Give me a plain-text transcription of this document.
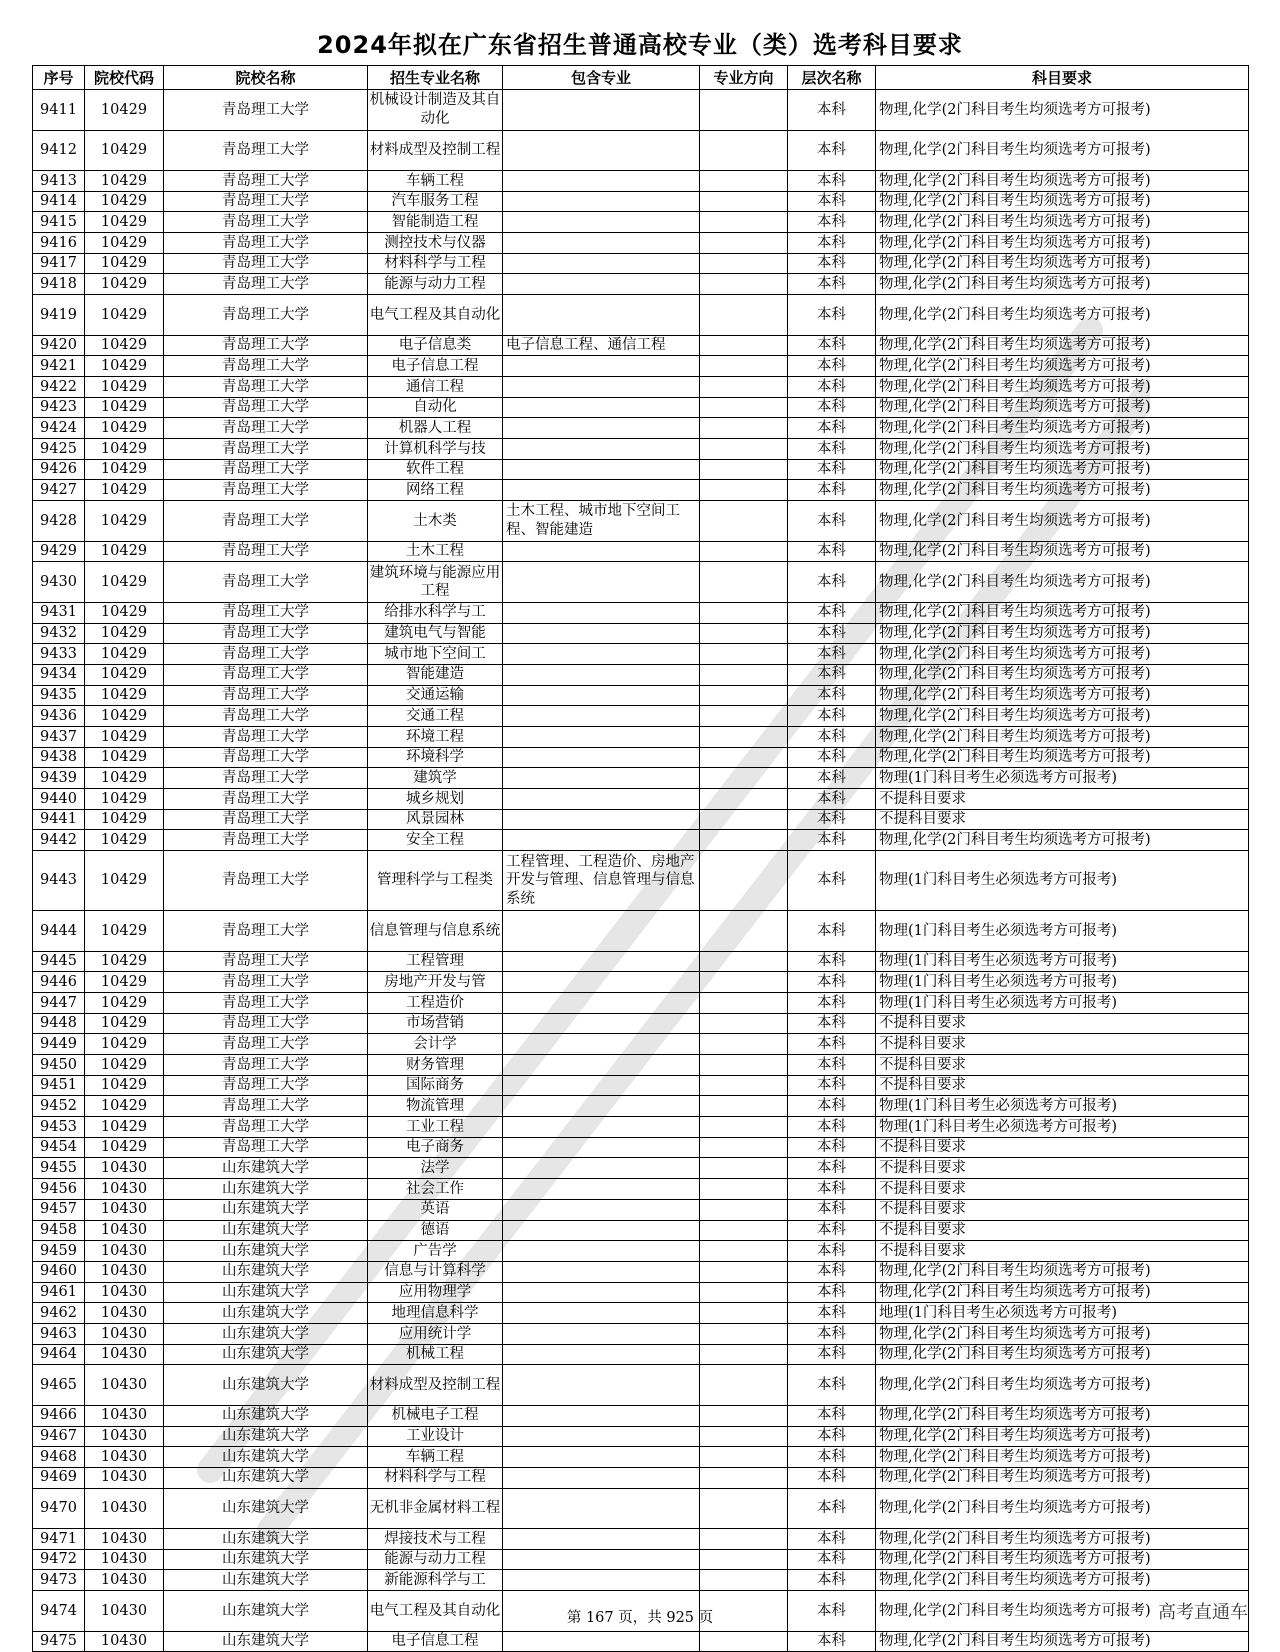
2024年拟在广东省招生普通高校专业（类）选考科目要求
序号	院校代码	院校名称	招生专业名称	包含专业	专业方向	层次名称	科目要求
9411	10429	青岛理工大学	机械设计制造及其自动化			本科	物理,化学(2门科目考生均须选考方可报考)
9412	10429	青岛理工大学	材料成型及控制工程			本科	物理,化学(2门科目考生均须选考方可报考)
9413	10429	青岛理工大学	车辆工程			本科	物理,化学(2门科目考生均须选考方可报考)
9414	10429	青岛理工大学	汽车服务工程			本科	物理,化学(2门科目考生均须选考方可报考)
9415	10429	青岛理工大学	智能制造工程			本科	物理,化学(2门科目考生均须选考方可报考)
9416	10429	青岛理工大学	测控技术与仪器			本科	物理,化学(2门科目考生均须选考方可报考)
9417	10429	青岛理工大学	材料科学与工程			本科	物理,化学(2门科目考生均须选考方可报考)
9418	10429	青岛理工大学	能源与动力工程			本科	物理,化学(2门科目考生均须选考方可报考)
9419	10429	青岛理工大学	电气工程及其自动化			本科	物理,化学(2门科目考生均须选考方可报考)
9420	10429	青岛理工大学	电子信息类	电子信息工程、通信工程		本科	物理,化学(2门科目考生均须选考方可报考)
9421	10429	青岛理工大学	电子信息工程			本科	物理,化学(2门科目考生均须选考方可报考)
9422	10429	青岛理工大学	通信工程			本科	物理,化学(2门科目考生均须选考方可报考)
9423	10429	青岛理工大学	自动化			本科	物理,化学(2门科目考生均须选考方可报考)
9424	10429	青岛理工大学	机器人工程			本科	物理,化学(2门科目考生均须选考方可报考)
9425	10429	青岛理工大学	计算机科学与技			本科	物理,化学(2门科目考生均须选考方可报考)
9426	10429	青岛理工大学	软件工程			本科	物理,化学(2门科目考生均须选考方可报考)
9427	10429	青岛理工大学	网络工程			本科	物理,化学(2门科目考生均须选考方可报考)
9428	10429	青岛理工大学	土木类	土木工程、城市地下空间工程、智能建造		本科	物理,化学(2门科目考生均须选考方可报考)
9429	10429	青岛理工大学	土木工程			本科	物理,化学(2门科目考生均须选考方可报考)
9430	10429	青岛理工大学	建筑环境与能源应用工程			本科	物理,化学(2门科目考生均须选考方可报考)
9431	10429	青岛理工大学	给排水科学与工			本科	物理,化学(2门科目考生均须选考方可报考)
9432	10429	青岛理工大学	建筑电气与智能			本科	物理,化学(2门科目考生均须选考方可报考)
9433	10429	青岛理工大学	城市地下空间工			本科	物理,化学(2门科目考生均须选考方可报考)
9434	10429	青岛理工大学	智能建造			本科	物理,化学(2门科目考生均须选考方可报考)
9435	10429	青岛理工大学	交通运输			本科	物理,化学(2门科目考生均须选考方可报考)
9436	10429	青岛理工大学	交通工程			本科	物理,化学(2门科目考生均须选考方可报考)
9437	10429	青岛理工大学	环境工程			本科	物理,化学(2门科目考生均须选考方可报考)
9438	10429	青岛理工大学	环境科学			本科	物理,化学(2门科目考生均须选考方可报考)
9439	10429	青岛理工大学	建筑学			本科	物理(1门科目考生必须选考方可报考)
9440	10429	青岛理工大学	城乡规划			本科	不提科目要求
9441	10429	青岛理工大学	风景园林			本科	不提科目要求
9442	10429	青岛理工大学	安全工程			本科	物理,化学(2门科目考生均须选考方可报考)
9443	10429	青岛理工大学	管理科学与工程类	工程管理、工程造价、房地产开发与管理、信息管理与信息系统		本科	物理(1门科目考生必须选考方可报考)
9444	10429	青岛理工大学	信息管理与信息系统			本科	物理(1门科目考生必须选考方可报考)
9445	10429	青岛理工大学	工程管理			本科	物理(1门科目考生必须选考方可报考)
9446	10429	青岛理工大学	房地产开发与管			本科	物理(1门科目考生必须选考方可报考)
9447	10429	青岛理工大学	工程造价			本科	物理(1门科目考生必须选考方可报考)
9448	10429	青岛理工大学	市场营销			本科	不提科目要求
9449	10429	青岛理工大学	会计学			本科	不提科目要求
9450	10429	青岛理工大学	财务管理			本科	不提科目要求
9451	10429	青岛理工大学	国际商务			本科	不提科目要求
9452	10429	青岛理工大学	物流管理			本科	物理(1门科目考生必须选考方可报考)
9453	10429	青岛理工大学	工业工程			本科	物理(1门科目考生必须选考方可报考)
9454	10429	青岛理工大学	电子商务			本科	不提科目要求
9455	10430	山东建筑大学	法学			本科	不提科目要求
9456	10430	山东建筑大学	社会工作			本科	不提科目要求
9457	10430	山东建筑大学	英语			本科	不提科目要求
9458	10430	山东建筑大学	德语			本科	不提科目要求
9459	10430	山东建筑大学	广告学			本科	不提科目要求
9460	10430	山东建筑大学	信息与计算科学			本科	物理,化学(2门科目考生均须选考方可报考)
9461	10430	山东建筑大学	应用物理学			本科	物理,化学(2门科目考生均须选考方可报考)
9462	10430	山东建筑大学	地理信息科学			本科	地理(1门科目考生必须选考方可报考)
9463	10430	山东建筑大学	应用统计学			本科	物理,化学(2门科目考生均须选考方可报考)
9464	10430	山东建筑大学	机械工程			本科	物理,化学(2门科目考生均须选考方可报考)
9465	10430	山东建筑大学	材料成型及控制工程			本科	物理,化学(2门科目考生均须选考方可报考)
9466	10430	山东建筑大学	机械电子工程			本科	物理,化学(2门科目考生均须选考方可报考)
9467	10430	山东建筑大学	工业设计			本科	物理,化学(2门科目考生均须选考方可报考)
9468	10430	山东建筑大学	车辆工程			本科	物理,化学(2门科目考生均须选考方可报考)
9469	10430	山东建筑大学	材料科学与工程			本科	物理,化学(2门科目考生均须选考方可报考)
9470	10430	山东建筑大学	无机非金属材料工程			本科	物理,化学(2门科目考生均须选考方可报考)
9471	10430	山东建筑大学	焊接技术与工程			本科	物理,化学(2门科目考生均须选考方可报考)
9472	10430	山东建筑大学	能源与动力工程			本科	物理,化学(2门科目考生均须选考方可报考)
9473	10430	山东建筑大学	新能源科学与工			本科	物理,化学(2门科目考生均须选考方可报考)
9474	10430	山东建筑大学	电气工程及其自动化			本科	物理,化学(2门科目考生均须选考方可报考)
9475	10430	山东建筑大学	电子信息工程			本科	物理,化学(2门科目考生均须选考方可报考)
第 167 页，共 925 页	高考直通车
